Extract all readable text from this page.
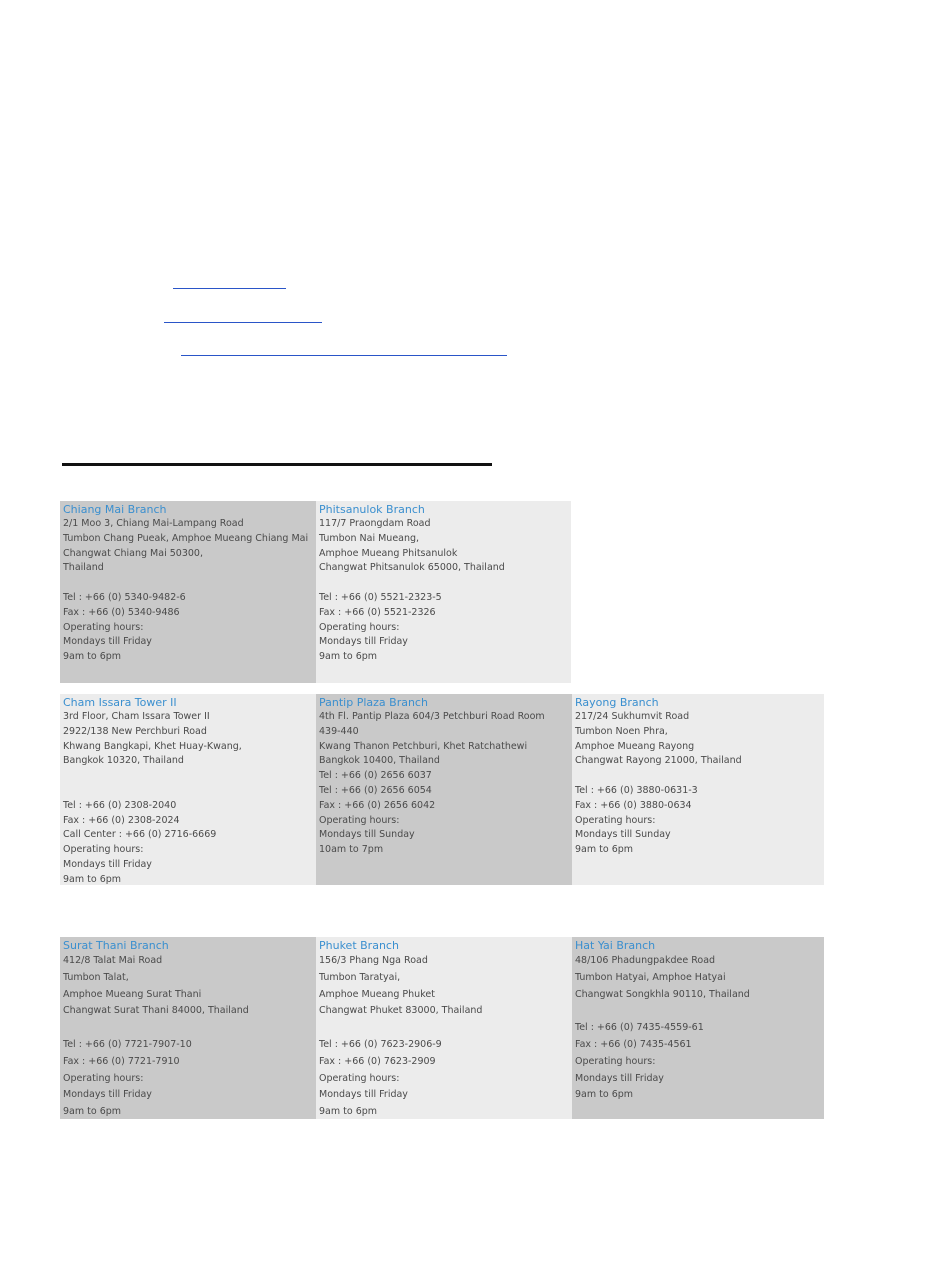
Chiang Mai Branch
2/1 Moo 3, Chiang Mai-Lampang Road
Tumbon Chang Pueak, Amphoe Mueang Chiang Mai
Changwat Chiang Mai 50300,
Thailand

Tel : +66 (0) 5340-9482-6
Fax : +66 (0) 5340-9486
Operating hours:
Mondays till Friday
9am to 6pm
Phitsanulok Branch
117/7 Praongdam Road
Tumbon Nai Mueang,
Amphoe Mueang Phitsanulok
Changwat Phitsanulok 65000, Thailand

Tel : +66 (0) 5521-2323-5
Fax : +66 (0) 5521-2326
Operating hours:
Mondays till Friday
9am to 6pm
Cham Issara Tower II
3rd Floor, Cham Issara Tower II
2922/138 New Perchburi Road
Khwang Bangkapi, Khet Huay-Kwang,
Bangkok 10320, Thailand

Tel : +66 (0) 2308-2040
Fax : +66 (0) 2308-2024
Call Center : +66 (0) 2716-6669
Operating hours:
Mondays till Friday
9am to 6pm
Pantip Plaza Branch
4th Fl. Pantip Plaza 604/3 Petchburi Road Room
439-440
Kwang Thanon Petchburi, Khet Ratchathewi
Bangkok 10400, Thailand
Tel : +66 (0) 2656 6037
Tel : +66 (0) 2656 6054
Fax : +66 (0) 2656 6042
Operating hours:
Mondays till Sunday
10am to 7pm
Rayong Branch
217/24 Sukhumvit Road
Tumbon Noen Phra,
Amphoe Mueang Rayong
Changwat Rayong 21000, Thailand

Tel : +66 (0) 3880-0631-3
Fax : +66 (0) 3880-0634
Operating hours:
Mondays till Sunday
9am to 6pm
Surat Thani Branch
412/8 Talat Mai Road
Tumbon Talat,
Amphoe Mueang Surat Thani
Changwat Surat Thani 84000, Thailand

Tel : +66 (0) 7721-7907-10
Fax : +66 (0) 7721-7910
Operating hours:
Mondays till Friday
9am to 6pm
Phuket Branch
156/3 Phang Nga Road
Tumbon Taratyai,
Amphoe Mueang Phuket
Changwat Phuket 83000, Thailand

Tel : +66 (0) 7623-2906-9
Fax : +66 (0) 7623-2909
Operating hours:
Mondays till Friday
9am to 6pm
Hat Yai Branch
48/106 Phadungpakdee Road
Tumbon Hatyai, Amphoe Hatyai
Changwat Songkhla 90110, Thailand

Tel : +66 (0) 7435-4559-61
Fax : +66 (0) 7435-4561
Operating hours:
Mondays till Friday
9am to 6pm
